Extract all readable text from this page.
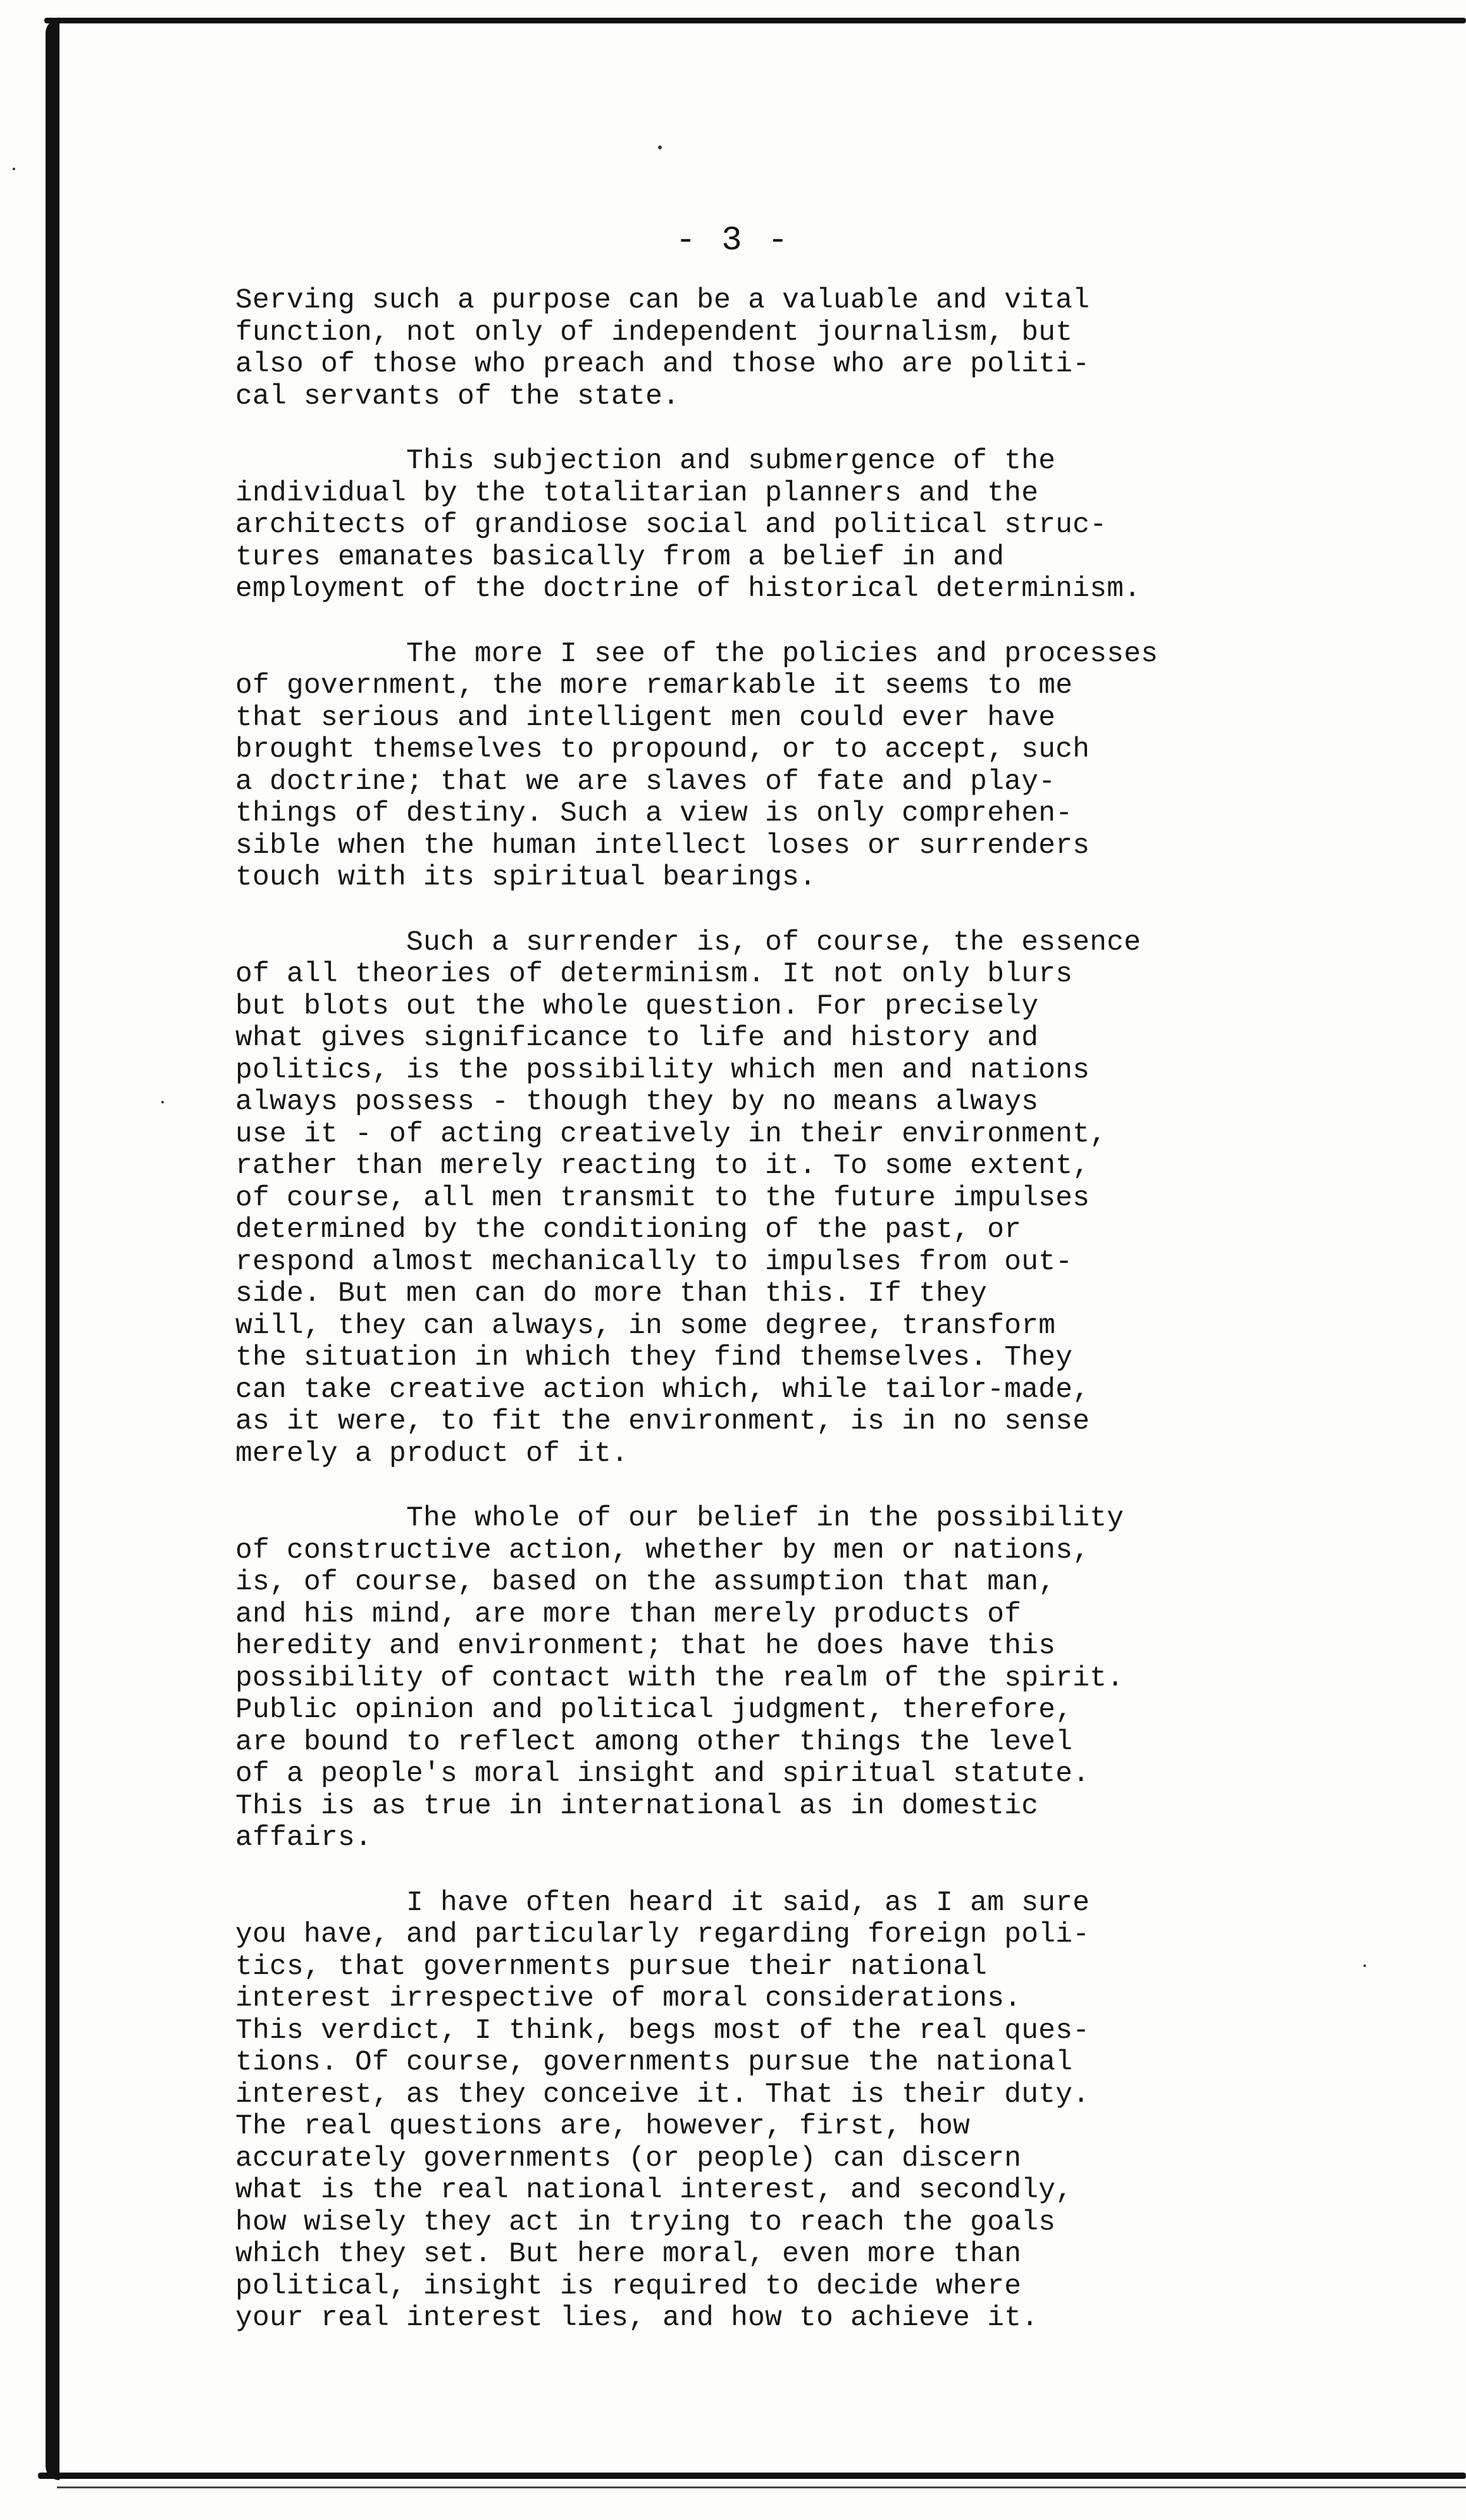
- 3 -
Serving such a purpose can be a valuable and vital
function, not only of independent journalism, but
also of those who preach and those who are politi-
cal servants of the state.
This subjection and submergence of the
individual by the totalitarian planners and the
architects of grandiose social and political struc-
tures emanates basically from a belief in and
employment of the doctrine of historical determinism.
The more I see of the policies and processes
of government, the more remarkable it seems to me
that serious and intelligent men could ever have
brought themselves to propound, or to accept, such
a doctrine; that we are slaves of fate and play-
things of destiny. Such a view is only comprehen-
sible when the human intellect loses or surrenders
touch with its spiritual bearings.
Such a surrender is, of course, the essence
of all theories of determinism. It not only blurs
but blots out the whole question. For precisely
what gives significance to life and history and
politics, is the possibility which men and nations
always possess - though they by no means always
use it - of acting creatively in their environment,
rather than merely reacting to it. To some extent,
of course, all men transmit to the future impulses
determined by the conditioning of the past, or
respond almost mechanically to impulses from out-
side. But men can do more than this. If they
will, they can always, in some degree, transform
the situation in which they find themselves. They
can take creative action which, while tailor-made,
as it were, to fit the environment, is in no sense
merely a product of it.
The whole of our belief in the possibility
of constructive action, whether by men or nations,
is, of course, based on the assumption that man,
and his mind, are more than merely products of
heredity and environment; that he does have this
possibility of contact with the realm of the spirit.
Public opinion and political judgment, therefore,
are bound to reflect among other things the level
of a people's moral insight and spiritual statute.
This is as true in international as in domestic
affairs.
I have often heard it said, as I am sure
you have, and particularly regarding foreign poli-
tics, that governments pursue their national
interest irrespective of moral considerations.
This verdict, I think, begs most of the real ques-
tions. Of course, governments pursue the national
interest, as they conceive it. That is their duty.
The real questions are, however, first, how
accurately governments (or people) can discern
what is the real national interest, and secondly,
how wisely they act in trying to reach the goals
which they set. But here moral, even more than
political, insight is required to decide where
your real interest lies, and how to achieve it.
